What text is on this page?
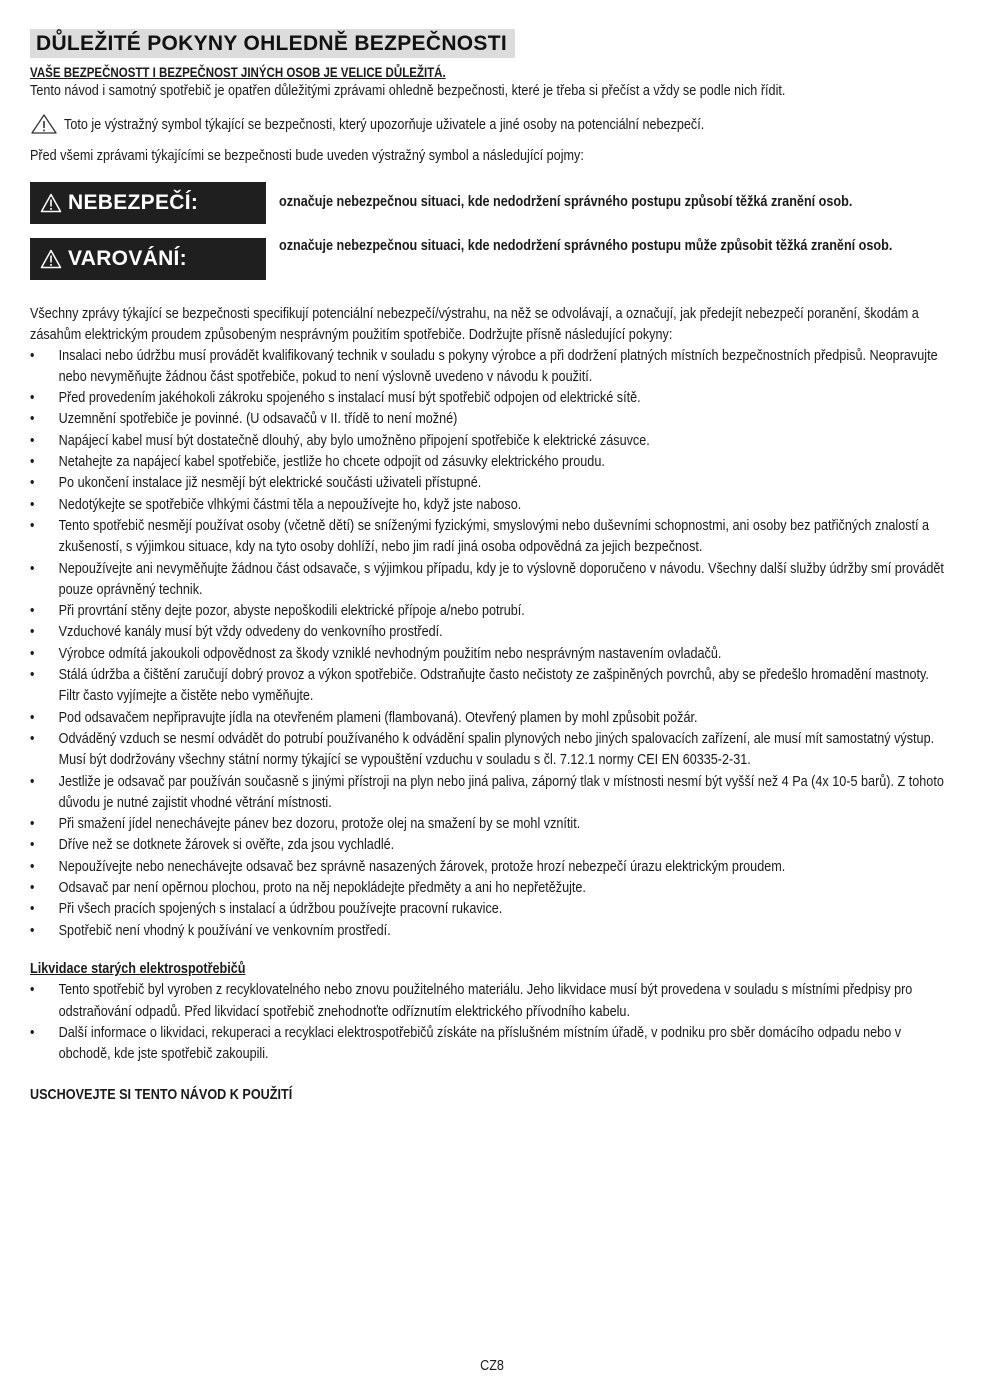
DŮLEŽITÉ POKYNY OHLEDNĚ BEZPEČNOSTI
VAŠE BEZPEČNOSTT I BEZPEČNOST JINÝCH OSOB JE VELICE DŮLEŽITÁ.
Tento návod i samotný spotřebič je opatřen důležitými zprávami ohledně bezpečnosti, které je třeba si přečíst a vždy se podle nich řídit.
Toto je výstražný symbol týkající se bezpečnosti, který upozorňuje uživatele a jiné osoby na potenciální nebezpečí.
Před všemi zprávami týkajícími se bezpečnosti bude uveden výstražný symbol a následující pojmy:
NEBEZPEČÍ:	označuje nebezpečnou situaci, kde nedodržení správného postupu způsobí těžká zranění osob.
VAROVÁNÍ:
označuje nebezpečnou situaci, kde nedodržení správného postupu může způsobit těžká zranění osob.
Všechny zprávy týkající se bezpečnosti specifikují potenciální nebezpečí/výstrahu, na něž se odvolávají, a označují, jak předejít nebezpečí poranění, škodám a zásahům elektrickým proudem způsobeným nesprávným použitím spotřebiče. Dodržujte přísně následující pokyny:
• Insalaci nebo údržbu musí provádět kvalifikovaný technik v souladu s pokyny výrobce a při dodržení platných místních bezpečnostních předpisů. Neopravujte nebo nevyměňujte žádnou část spotřebiče, pokud to není výslovně uvedeno v návodu k použití.
• Před provedením jakéhokoli zákroku spojeného s instalací musí být spotřebič odpojen od elektrické sítě.
• Uzemnění spotřebiče je povinné. (U odsavačů v II. třídě to není možné)
• Napájecí kabel musí být dostatečně dlouhý, aby bylo umožněno připojení spotřebiče k elektrické zásuvce.
• Netahejte za napájecí kabel spotřebiče, jestliže ho chcete odpojit od zásuvky elektrického proudu.
• Po ukončení instalace již nesmějí být elektrické součásti uživateli přístupné.
• Nedotýkejte se spotřebiče vlhkými částmi těla a nepoužívejte ho, když jste naboso.
• Tento spotřebič nesmějí používat osoby (včetně dětí) se sníženými fyzickými, smyslovými nebo duševními schopnostmi, ani osoby bez patřičných znalostí a zkušeností, s výjimkou situace, kdy na tyto osoby dohlíží, nebo jim radí jiná osoba odpovědná za jejich bezpečnost.
• Nepoužívejte ani nevyměňujte žádnou část odsavače, s výjimkou případu, kdy je to výslovně doporučeno v návodu. Všechny další služby údržby smí provádět pouze oprávněný technik.
• Při provrtání stěny dejte pozor, abyste nepoškodili elektrické přípoje a/nebo potrubí.
• Vzduchové kanály musí být vždy odvedeny do venkovního prostředí.
• Výrobce odmítá jakoukoli odpovědnost za škody vzniklé nevhodným použitím nebo nesprávným nastavením ovladačů.
• Stálá údržba a čištění zaručují dobrý provoz a výkon spotřebiče. Odstraňujte často nečistoty ze zašpiněných povrchů, aby se předešlo hromadění mastnoty. Filtr často vyjímejte a čistěte nebo vyměňujte.
• Pod odsavačem nepřipravujte jídla na otevřeném plameni (flambovaná). Otevřený plamen by mohl způsobit požár.
• Odváděný vzduch se nesmí odvádět do potrubí používaného k odvádění spalin plynových nebo jiných spalovacích zařízení, ale musí mít samostatný výstup. Musí být dodržovány všechny státní normy týkající se vypouštění vzduchu v souladu s čl. 7.12.1 normy CEI EN 60335-2-31.
• Jestliže je odsavač par používán současně s jinými přístroji na plyn nebo jiná paliva, záporný tlak v místnosti nesmí být vyšší než 4 Pa (4x 10-5 barů). Z tohoto důvodu je nutné zajistit vhodné větrání místnosti.
• Při smažení jídel nenechávejte pánev bez dozoru, protože olej na smažení by se mohl vznítit.
• Dříve než se dotknete žárovek si ověřte, zda jsou vychladlé.
• Nepoužívejte nebo nenechávejte odsavač bez správně nasazených žárovek, protože hrozí nebezpečí úrazu elektrickým proudem.
• Odsavač par není opěrnou plochou, proto na něj nepokládejte předměty a ani ho nepřetěžujte.
• Při všech pracích spojených s instalací a údržbou používejte pracovní rukavice.
• Spotřebič není vhodný k používání ve venkovním prostředí.
Likvidace starých elektrospotřebičů
• Tento spotřebič byl vyroben z recyklovatelného nebo znovu použitelného materiálu. Jeho likvidace musí být provedena v souladu s místními předpisy pro odstraňování odpadů. Před likvidací spotřebič znehodnoťte odříznutím elektrického přívodního kabelu.
• Další informace o likvidaci, rekuperaci a recyklaci elektrospotřebičů získáte na příslušném místním úřadě, v podniku pro sběr domácího odpadu nebo v obchodě, kde jste spotřebič zakoupili.
USCHOVEJTE SI TENTO NÁVOD K POUŽITÍ
CZ8
